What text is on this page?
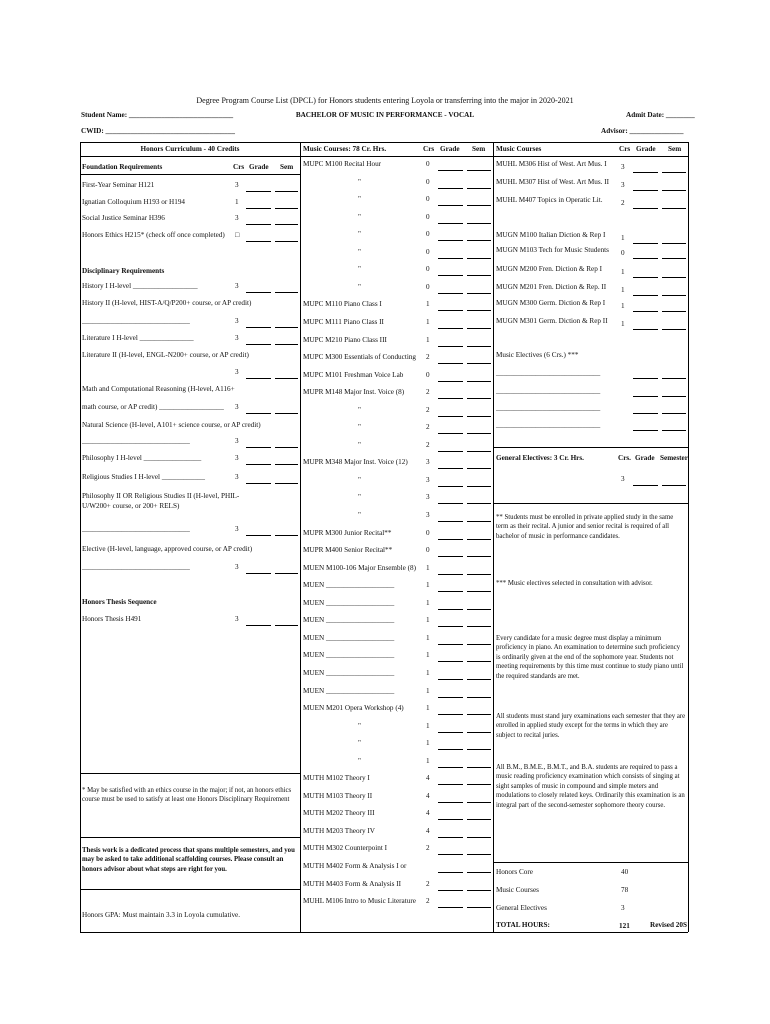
Degree Program Course List (DPCL) for Honors students entering Loyola or transferring into the major in 2020-2021
Student Name: _____________________________	BACHELOR OF MUSIC IN PERFORMANCE - VOCAL	Admit Date: ________
CWID: ____________________________________	Advisor: _______________
Honors Curriculum - 40 Credits
Foundation Requirements	Crs Grade Sem
First-Year Seminar H121	3
Ignatian Colloquium H193 or H194	1
Social Justice Seminar H396	3
Honors Ethics H215* (check off once completed) □
Disciplinary Requirements
History I H-level __________________	3
History II (H-level, HIST-A/Q/P200+ course, or AP credit)
______________________________	3
Literature I H-level _______________	3
Literature II (H-level, ENGL-N200+ course, or AP credit)
3
Math and Computational Reasoning (H-level, A116+
math course, or AP credit) __________________ 3
Natural Science (H-level, A101+ science course, or AP credit)
______________________________	3
Philosophy I H-level ________________	3
Religious Studies I H-level ____________	3
Philosophy II OR Religious Studies II (H-level, PHIL-
U/W200+ course, or 200+ RELS)
______________________________	3
Elective (H-level, language, approved course, or AP credit)
______________________________	3
Honors Thesis Sequence
Honors Thesis H491	3
* May be satisfied with an ethics course in the major; if not, an honors ethics course must be used to satisfy at least one Honors Disciplinary Requirement
Thesis work is a dedicated process that spans multiple semesters, and you may be asked to take additional scaffolding courses. Please consult an honors advisor about what steps are right for you.
Honors GPA: Must maintain 3.3 in Loyola cumulative.
Music Courses: 78 Cr. Hrs.	Crs Grade Sem
MUPC M100 Recital Hour	0
"	0
"	0
"	0
"	0
"	0
"	0
"	0
MUPC M110 Piano Class I	1
MUPC M111 Piano Class II	1
MUPC M210 Piano Class III	1
MUPC M300 Essentials of Conducting 2
MUPC M101 Freshman Voice Lab	0
MUPR M148 Major Inst. Voice (8)	2
"	2
"	2
"	2
MUPR M348 Major Inst. Voice (12)	3
"	3
"	3
"	3
MUPR M300 Junior Recital**	0
MUPR M400 Senior Recital**	0
MUEN M100-106 Major Ensemble (8) 1
MUEN ___________________	1
MUEN ___________________	1
MUEN ___________________	1
MUEN ___________________	1
MUEN ___________________	1
MUEN ___________________	1
MUEN ___________________	1
MUEN M201 Opera Workshop (4)	1
"	1
"	1
"	1
MUTH M102 Theory I	4
MUTH M103 Theory II	4
MUTH M202 Theory III	4
MUTH M203 Theory IV	4
MUTH M302 Counterpoint I	2
MUTH M402 Form & Analysis I or
MUTH M403 Form & Analysis II	2
MUHL M106 Intro to Music Literature 2
Music Courses	Crs Grade Sem
MUHL M306 Hist of West. Art Mus. I 3
MUHL M307 Hist of West. Art Mus. II 3
MUHL M407 Topics in Operatic Lit.	2
MUGN M100 Italian Diction & Rep I 1
MUGN M103 Tech for Music Students 0
MUGN M200 Fren. Diction & Rep I	1
MUGN M201 Fren. Diction & Rep. II 1
MUGN M300 Germ. Diction & Rep I 1
MUGN M301 Germ. Diction & Rep II 1
Music Electives (6 Crs.) ***
_____________________________
_____________________________
_____________________________
_____________________________
General Electives: 3 Cr. Hrs.	Crs. Grade Semester
3
** Students must be enrolled in private applied study in the same term as their recital. A junior and senior recital is required of all bachelor of music in performance candidates.
*** Music electives selected in consultation with advisor.
Every candidate for a music degree must display a minimum proficiency in piano. An examination to determine such proficiency is ordinarily given at the end of the sophomore year. Students not meeting requirements by this time must continue to study piano until the required standards are met.
All students must stand jury examinations each semester that they are enrolled in applied study except for the terms in which they are subject to recital juries.
All B.M., B.M.E., B.M.T., and B.A. students are required to pass a music reading proficiency examination which consists of singing at sight samples of music in compound and simple meters and modulations to closely related keys. Ordinarily this examination is an integral part of the second-semester sophomore theory course.
Honors Core	40
Music Courses	78
General Electives	3
TOTAL HOURS:	121	Revised 20S
